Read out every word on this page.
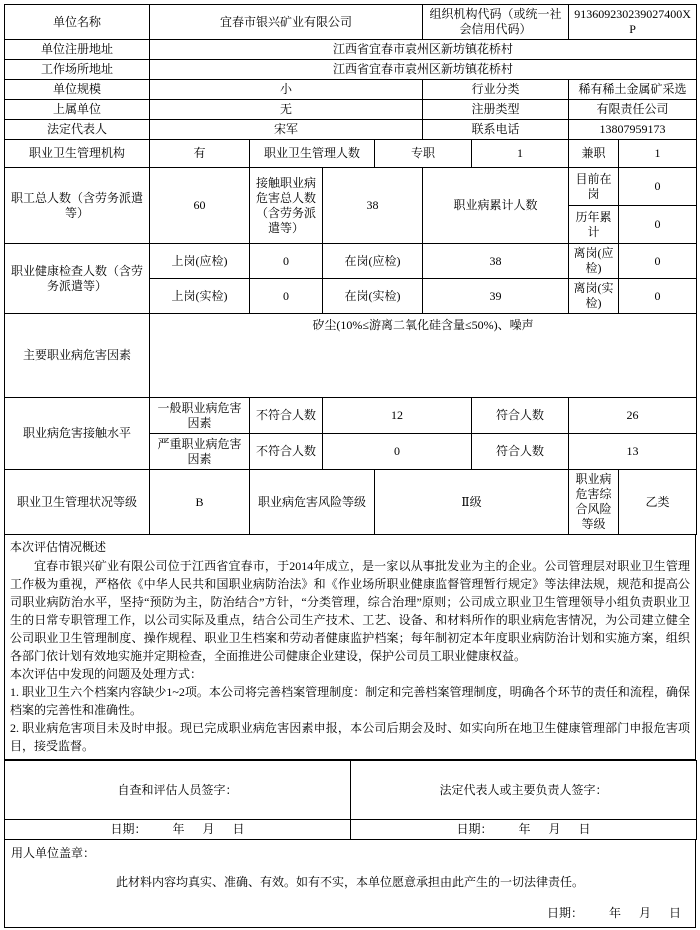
单位名称	宜春市银兴矿业有限公司				组织机构代码（或统一社会信用代码）		913609230239027400XP	
单位注册地址	江西省宜春市袁州区新坊镇花桥村							
工作场所地址	江西省宜春市袁州区新坊镇花桥村							
单位规模	小				行业分类		稀有稀土金属矿采选	
上属单位	无				注册类型		有限责任公司	
法定代表人	宋军				联系电话		13807959173	
职业卫生管理机构	有	职业卫生管理人数		专职		1	兼职	1
职工总人数（含劳务派遣等）	60	接触职业病危害总人数（含劳务派遣等）	38		职业病累计人数		目前在岗	0
							历年累计	0
职业健康检查人数（含劳务派遣等）	上岗(应检)	0	在岗(应检)		38		离岗(应检)	0
	上岗(实检)	0	在岗(实检)		39		离岗(实检)	0
主要职业病危害因素	矽尘(10%≤游离二氧化硅含量≤50%)、噪声							
职业病危害接触水平	一般职业病危害因素	不符合人数	12			符合人数	26	
	严重职业病危害因素	不符合人数	0			符合人数	13	
职业卫生管理状况等级	B	职业病危害风险等级		Ⅱ级			职业病危害综合风险等级	乙类
本次评估情况概述

宜春市银兴矿业有限公司位于江西省宜春市，于2014年成立，是一家以从事批发业为主的企业。公司管理层对职业卫生管理工作极为重视，严格依《中华人民共和国职业病防治法》和《作业场所职业健康监督管理暂行规定》等法律法规，规范和提高公司职业病防治水平，坚持“预防为主，防治结合”方针，“分类管理，综合治理”原则；公司成立职业卫生管理领导小组负责职业卫生的日常专职管理工作，以公司实际及重点，结合公司生产技术、工艺、设备、和材料所作的职业病危害情况，为公司建立健全公司职业卫生管理制度、操作规程、职业卫生档案和劳动者健康监护档案；每年制初定本年度职业病防治计划和实施方案，组织各部门依计划有效地实施并定期检查，全面推进公司健康企业建设，保护公司员工职业健康权益。

本次评估中发现的问题及处理方式：

1. 职业卫生六个档案内容缺少1~2项。本公司将完善档案管理制度：制定和完善档案管理制度，明确各个环节的责任和流程，确保档案的完善性和准确性。

2. 职业病危害项目未及时申报。现已完成职业病危害因素申报，本公司后期会及时、如实向所在地卫生健康管理部门申报危害项目，接受监督。

自查和评估人员签字：	法定代表人或主要负责人签字：

日期： 年 月 日	日期： 年 月 日
用人单位盖章：
此材料内容均真实、准确、有效。如有不实，本单位愿意承担由此产生的一切法律责任。
日期： 年 月 日
